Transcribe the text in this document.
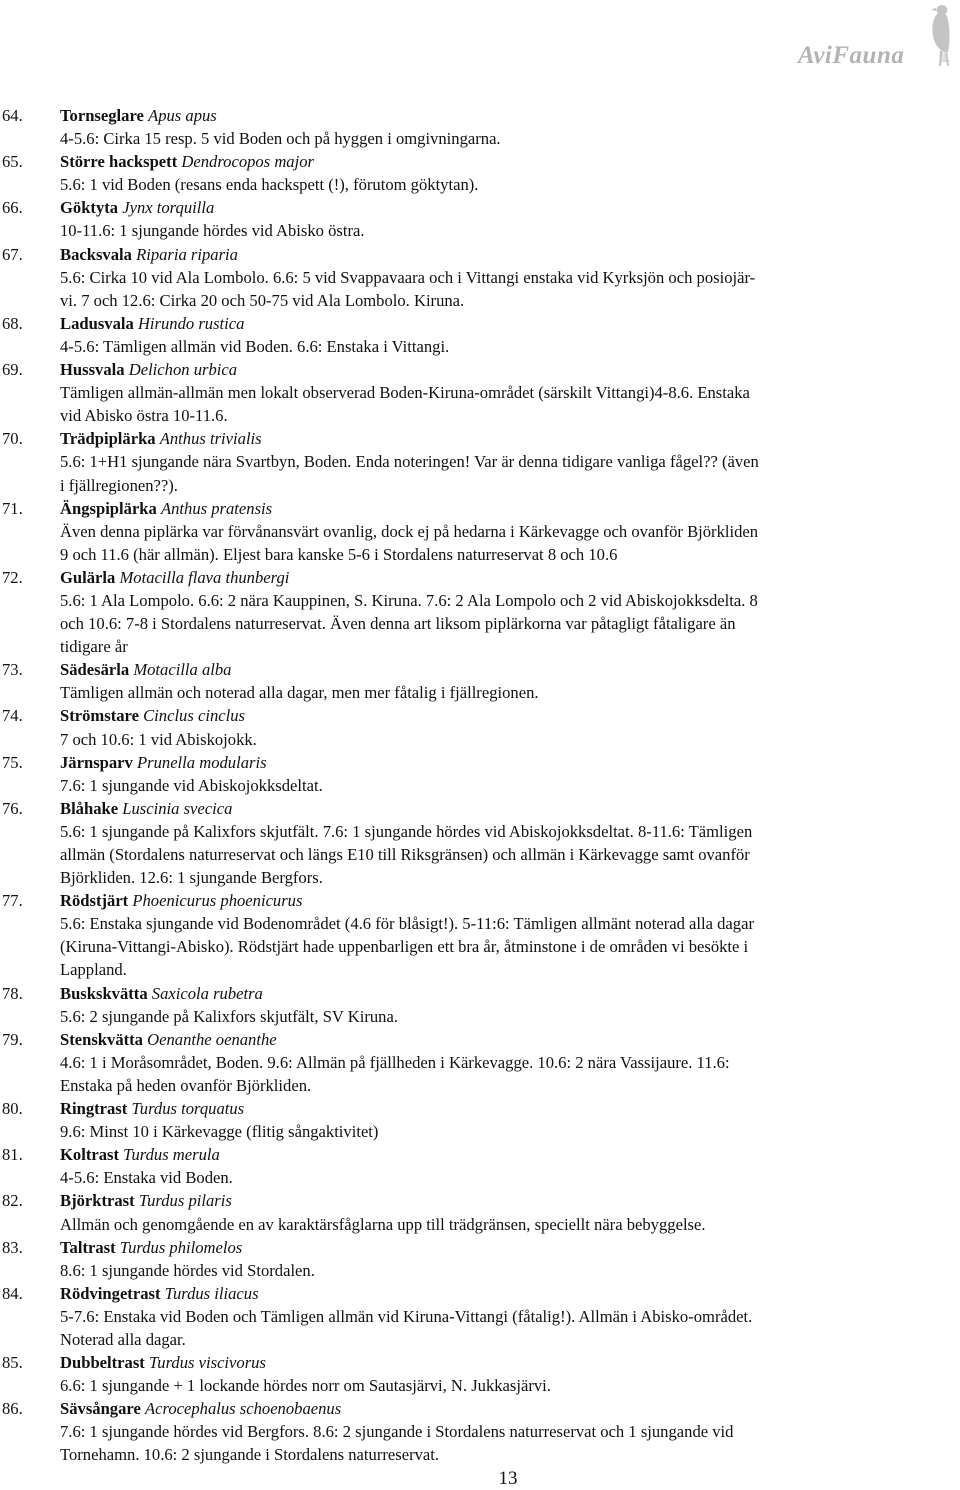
AviFauna
64. Tornseglare Apus apus
4-5.6: Cirka 15 resp. 5 vid Boden och på hyggen i omgivningarna.
65. Större hackspett Dendrocopos major
5.6: 1 vid Boden (resans enda hackspett (!), förutom göktytan).
66. Göktyta Jynx torquilla
10-11.6: 1 sjungande hördes vid Abisko östra.
67. Backsvala Riparia riparia
5.6: Cirka 10 vid Ala Lombolo. 6.6: 5 vid Svappavaara och i Vittangi enstaka vid Kyrksjön och posiojär-
vi. 7 och 12.6: Cirka 20 och 50-75 vid Ala Lombolo. Kiruna.
68. Ladusvala Hirundo rustica
4-5.6: Tämligen allmän vid Boden. 6.6: Enstaka i Vittangi.
69. Hussvala Delichon urbica
Tämligen allmän-allmän men lokalt observerad Boden-Kiruna-området (särskilt Vittangi)4-8.6. Enstaka
vid Abisko östra 10-11.6.
70. Trädpiplärka Anthus trivialis
5.6: 1+H1 sjungande nära Svartbyn, Boden. Enda noteringen! Var är denna tidigare vanliga fågel?? (även
i fjällregionen??).
71. Ängspiplärka Anthus pratensis
Även denna piplärka var förvånansvärt ovanlig, dock ej på hedarna i Kärkevagge och ovanför Björkliden
9 och 11.6 (här allmän). Eljest bara kanske 5-6 i Stordalens naturreservat 8 och 10.6
72. Gulärla Motacilla flava thunbergi
5.6: 1 Ala Lompolo. 6.6: 2 nära Kauppinen, S. Kiruna. 7.6: 2 Ala Lompolo och 2 vid Abiskojokksdelta. 8
och 10.6: 7-8 i Stordalens naturreservat. Även denna art liksom piplärkorna var påtagligt fåtaligare än
tidigare år
73. Sädesärla Motacilla alba
Tämligen allmän och noterad alla dagar, men mer fåtalig i fjällregionen.
74. Strömstare Cinclus cinclus
7 och 10.6: 1 vid Abiskojokk.
75. Järnsparv Prunella modularis
7.6: 1 sjungande vid Abiskojokksdeltat.
76. Blåhake Luscinia svecica
5.6: 1 sjungande på Kalixfors skjutfält. 7.6: 1 sjungande hördes vid Abiskojokksdeltat. 8-11.6: Tämligen
allmän (Stordalens naturreservat och längs E10 till Riksgränsen) och allmän i Kärkevagge samt ovanför
Björkliden. 12.6: 1 sjungande Bergfors.
77. Rödstjärt Phoenicurus phoenicurus
5.6: Enstaka sjungande vid Bodenområdet (4.6 för blåsigt!). 5-11:6: Tämligen allmänt noterad alla dagar
(Kiruna-Vittangi-Abisko). Rödstjärt hade uppenbarligen ett bra år, åtminstone i de områden vi besökte i
Lappland.
78. Buskskvätta Saxicola rubetra
5.6: 2 sjungande på Kalixfors skjutfält, SV Kiruna.
79. Stenskvätta Oenanthe oenanthe
4.6: 1 i Moråsområdet, Boden. 9.6: Allmän på fjällheden i Kärkevagge. 10.6: 2 nära Vassijaure. 11.6:
Enstaka på heden ovanför Björkliden.
80. Ringtrast Turdus torquatus
9.6: Minst 10 i Kärkevagge (flitig sångaktivitet)
81. Koltrast Turdus merula
4-5.6: Enstaka vid Boden.
82. Björktrast Turdus pilaris
Allmän och genomgående en av karaktärsfåglarna upp till trädgränsen, speciellt nära bebyggelse.
83. Taltrast Turdus philomelos
8.6: 1 sjungande hördes vid Stordalen.
84. Rödvingetrast Turdus iliacus
5-7.6: Enstaka vid Boden och Tämligen allmän vid Kiruna-Vittangi (fåtalig!). Allmän i Abisko-området.
Noterad alla dagar.
85. Dubbeltrast Turdus viscivorus
6.6: 1 sjungande + 1 lockande hördes norr om Sautasjärvi, N. Jukkasjärvi.
86. Sävsångare Acrocephalus schoenobaenus
7.6: 1 sjungande hördes vid Bergfors. 8.6: 2 sjungande i Stordalens naturreservat och 1 sjungande vid
Tornehamn. 10.6: 2 sjungande i Stordalens naturreservat.
13
